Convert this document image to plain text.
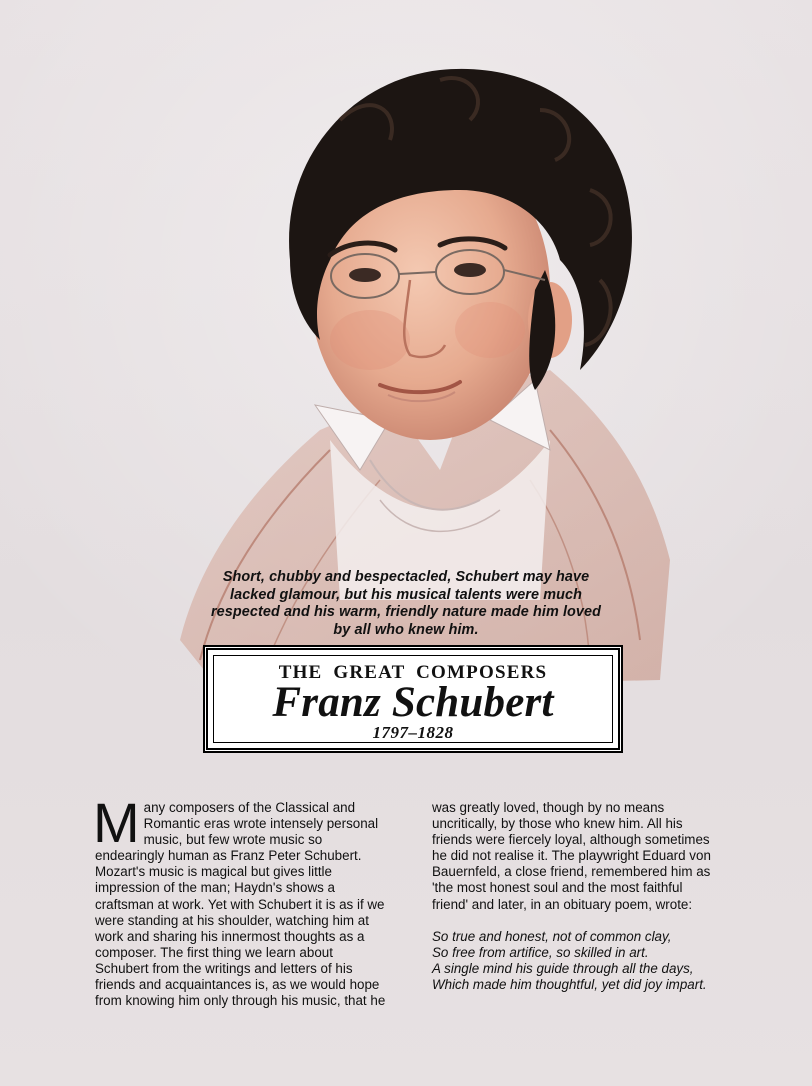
Short, chubby and bespectacled, Schubert may have
lacked glamour, but his musical talents were much
respected and his warm, friendly nature made him loved
by all who knew him.
THE GREAT COMPOSERS
Franz Schubert
1797–1828
M any composers of the Classical and
Romantic eras wrote intensely personal
music, but few wrote music so
endearingly human as Franz Peter Schubert.
Mozart's music is magical but gives little
impression of the man; Haydn's shows a
craftsman at work. Yet with Schubert it is as if we
were standing at his shoulder, watching him at
work and sharing his innermost thoughts as a
composer. The first thing we learn about
Schubert from the writings and letters of his
friends and acquaintances is, as we would hope
from knowing him only through his music, that he
was greatly loved, though by no means
uncritically, by those who knew him. All his
friends were fiercely loyal, although sometimes
he did not realise it. The playwright Eduard von
Bauernfeld, a close friend, remembered him as
'the most honest soul and the most faithful
friend' and later, in an obituary poem, wrote:
So true and honest, not of common clay,
So free from artifice, so skilled in art.
A single mind his guide through all the days,
Which made him thoughtful, yet did joy impart.
